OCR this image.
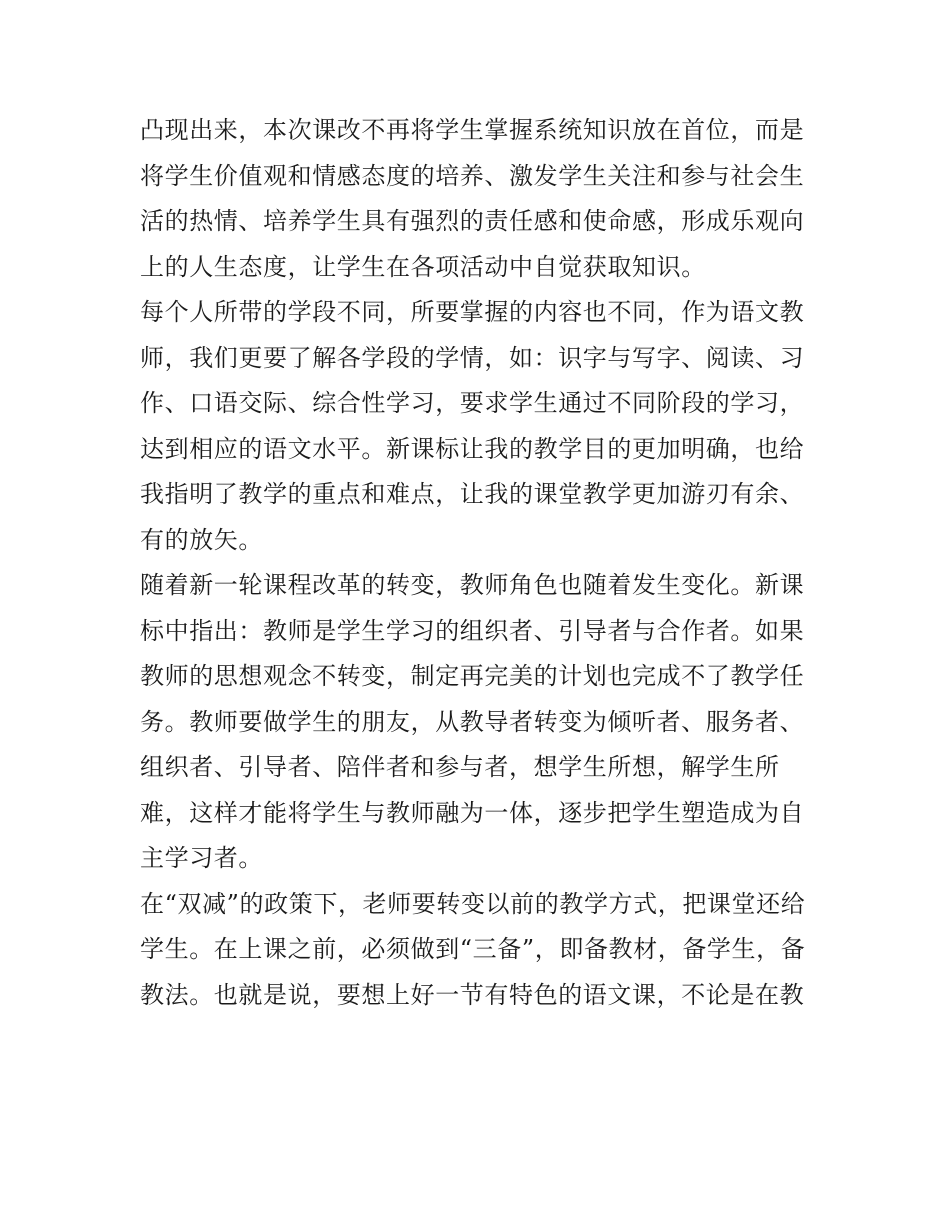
凸现出来，本次课改不再将学生掌握系统知识放在首位，而是
将学生价值观和情感态度的培养、激发学生关注和参与社会生
活的热情、培养学生具有强烈的责任感和使命感，形成乐观向
上的人生态度，让学生在各项活动中自觉获取知识。
每个人所带的学段不同，所要掌握的内容也不同，作为语文教
师，我们更要了解各学段的学情，如：识字与写字、阅读、习
作、口语交际、综合性学习，要求学生通过不同阶段的学习，
达到相应的语文水平。新课标让我的教学目的更加明确，也给
我指明了教学的重点和难点，让我的课堂教学更加游刃有余、
有的放矢。
随着新一轮课程改革的转变，教师角色也随着发生变化。新课
标中指出：教师是学生学习的组织者、引导者与合作者。如果
教师的思想观念不转变，制定再完美的计划也完成不了教学任
务。教师要做学生的朋友，从教导者转变为倾听者、服务者、
组织者、引导者、陪伴者和参与者，想学生所想，解学生所
难，这样才能将学生与教师融为一体，逐步把学生塑造成为自
主学习者。
在“双减”的政策下，老师要转变以前的教学方式，把课堂还给
学生。在上课之前，必须做到“三备”，即备教材，备学生，备
教法。也就是说，要想上好一节有特色的语文课，不论是在教
